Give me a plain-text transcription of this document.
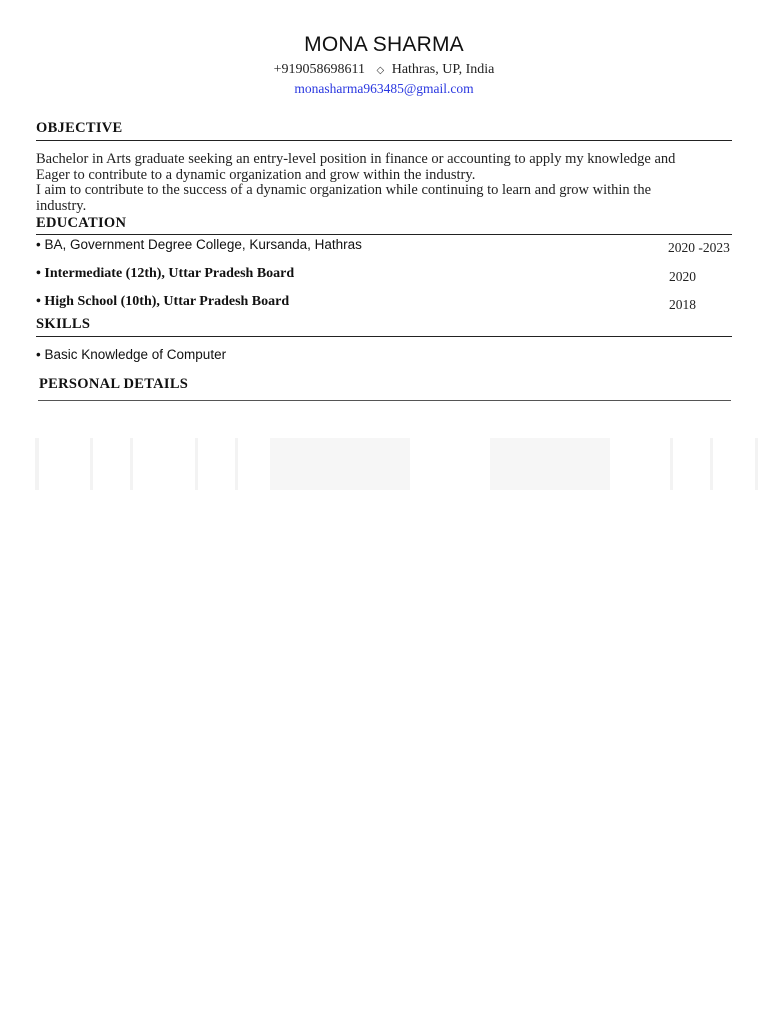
MONA SHARMA
+919058698611 ◇ Hathras, UP, India
monasharma963485@gmail.com
OBJECTIVE
Bachelor in Arts graduate seeking an entry-level position in finance or accounting to apply my knowledge and
Eager to contribute to a dynamic organization and grow within the industry.
I aim to contribute to the success of a dynamic organization while continuing to learn and grow within the
industry.
EDUCATION
• BA, Government Degree College, Kursanda, Hathras	2020 -2023
• Intermediate (12th), Uttar Pradesh Board	2020
• High School (10th), Uttar Pradesh Board	2018
SKILLS
• Basic Knowledge of Computer
PERSONAL DETAILS
